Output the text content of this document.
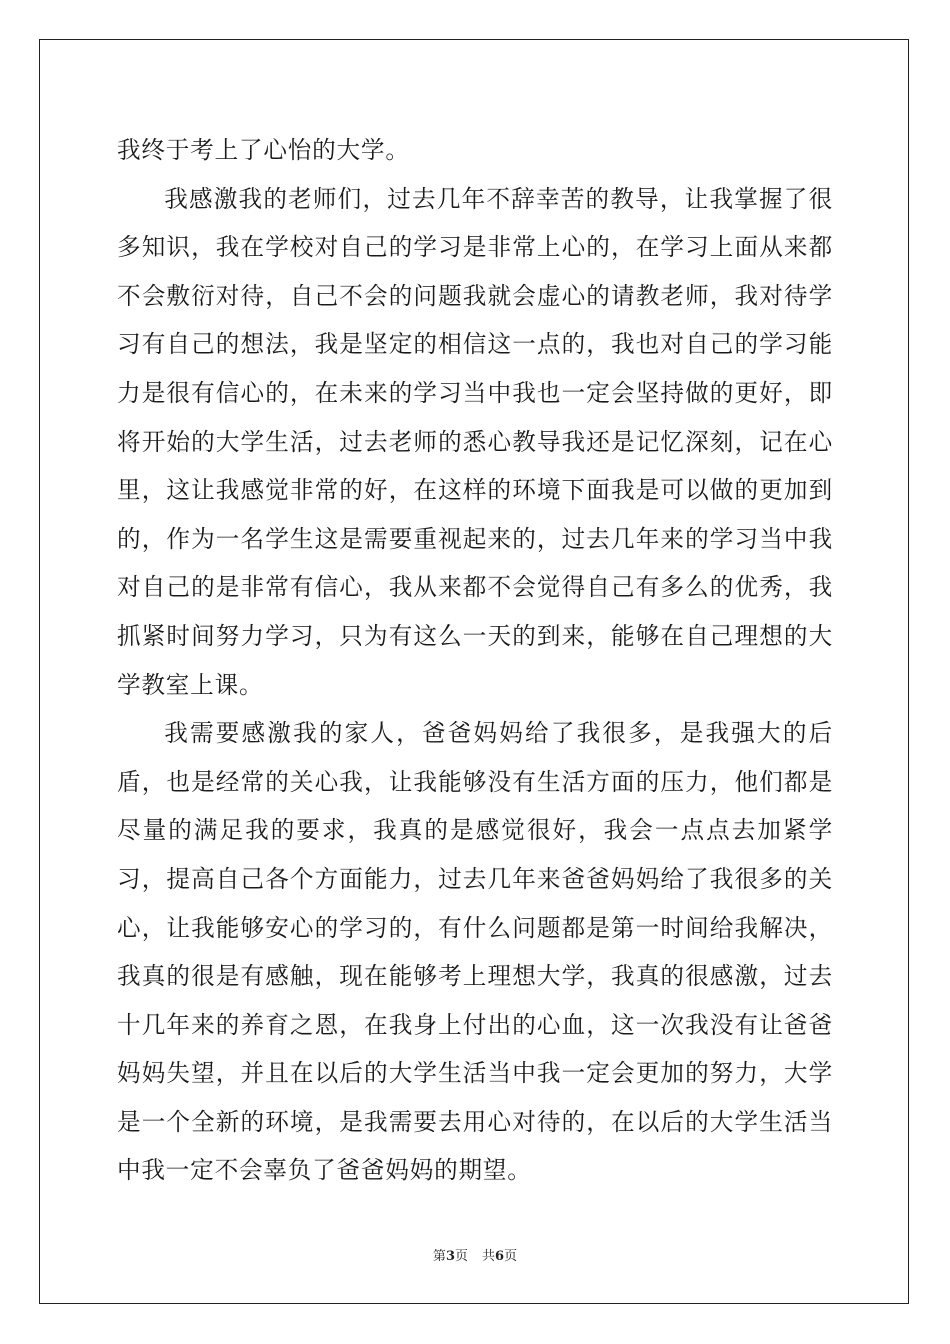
我终于考上了心怡的大学。

我感激我的老师们，过去几年不辞幸苦的教导，让我掌握了很多知识，我在学校对自己的学习是非常上心的，在学习上面从来都不会敷衍对待，自己不会的问题我就会虚心的请教老师，我对待学习有自己的想法，我是坚定的相信这一点的，我也对自己的学习能力是很有信心的，在未来的学习当中我也一定会坚持做的更好，即将开始的大学生活，过去老师的悉心教导我还是记忆深刻，记在心里，这让我感觉非常的好，在这样的环境下面我是可以做的更加到的，作为一名学生这是需要重视起来的，过去几年来的学习当中我对自己的是非常有信心，我从来都不会觉得自己有多么的优秀，我抓紧时间努力学习，只为有这么一天的到来，能够在自己理想的大学教室上课。

我需要感激我的家人，爸爸妈妈给了我很多，是我强大的后盾，也是经常的关心我，让我能够没有生活方面的压力，他们都是尽量的满足我的要求，我真的是感觉很好，我会一点点去加紧学习，提高自己各个方面能力，过去几年来爸爸妈妈给了我很多的关心，让我能够安心的学习的，有什么问题都是第一时间给我解决，我真的很是有感触，现在能够考上理想大学，我真的很感激，过去十几年来的养育之恩，在我身上付出的心血，这一次我没有让爸爸妈妈失望，并且在以后的大学生活当中我一定会更加的努力，大学是一个全新的环境，是我需要去用心对待的，在以后的大学生活当中我一定不会辜负了爸爸妈妈的期望。

第3页 共6页
